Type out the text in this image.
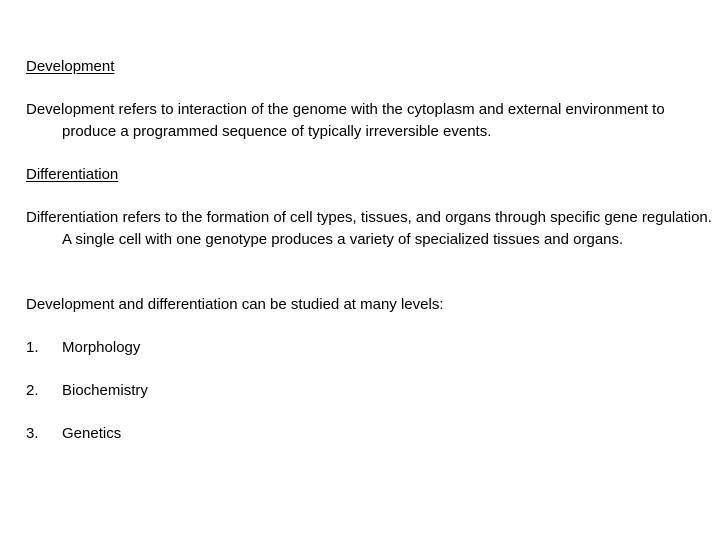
Development

Development refers to interaction of the genome with the cytoplasm and external environment to produce a programmed sequence of typically irreversible events.

Differentiation

Differentiation refers to the formation of cell types, tissues, and organs through specific gene regulation. A single cell with one genotype produces a variety of specialized tissues and organs.

Development and differentiation can be studied at many levels:

1. Morphology
2. Biochemistry
3. Genetics
